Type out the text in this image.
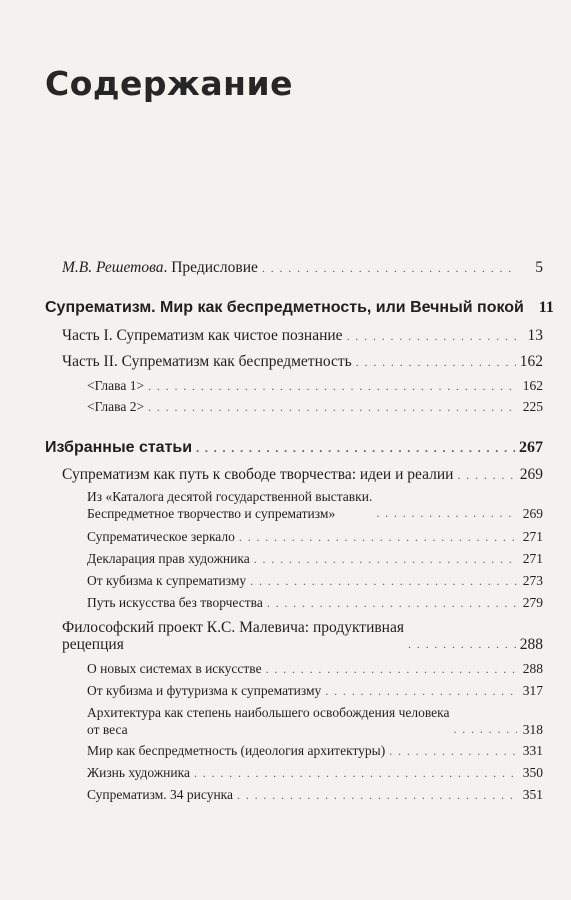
Содержание
М.В. Решетова. Предисловие . . .	5
Супрематизм. Мир как беспредметность, или Вечный покой 11
Часть I. Супрематизм как чистое познание . . .	13
Часть II. Супрематизм как беспредметность . . .	162
<Глава 1> . . .	162
<Глава 2> . . .	225
Избранные статьи . . .	267
Супрематизм как путь к свободе творчества: идеи и реалии . . .	269
Из «Каталога десятой государственной выставки.
Беспредметное творчество и супрематизм» . . .	269
Супрематическое зеркало . . .	271
Декларация прав художника . . .	271
От кубизма к супрематизму . . .	273
Путь искусства без творчества . . .	279
Философский проект К.С. Малевича: продуктивная
рецепция . . .	288
О новых системах в искусстве . . .	288
От кубизма и футуризма к супрематизму . . .	317
Архитектура как степень наибольшего освобождения человека
от веса . . .	318
Мир как беспредметность (идеология архитектуры) . . .	331
Жизнь художника . . .	350
Супрематизм. 34 рисунка . . .	351
